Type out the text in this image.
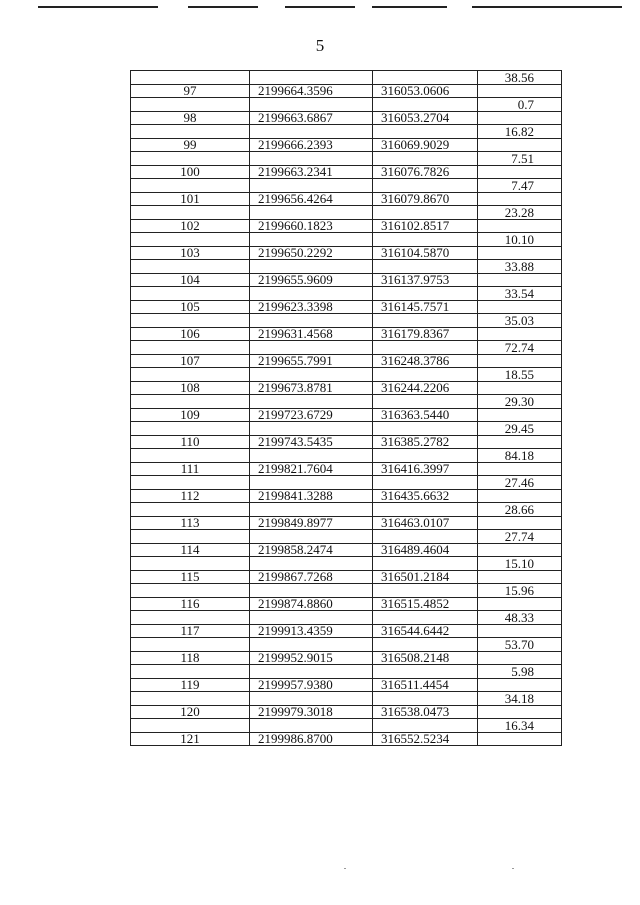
5
			38.56
97	2199664.3596	316053.0606	
			0.7
98	2199663.6867	316053.2704	
			16.82
99	2199666.2393	316069.9029	
			7.51
100	2199663.2341	316076.7826	
			7.47
101	2199656.4264	316079.8670	
			23.28
102	2199660.1823	316102.8517	
			10.10
103	2199650.2292	316104.5870	
			33.88
104	2199655.9609	316137.9753	
			33.54
105	2199623.3398	316145.7571	
			35.03
106	2199631.4568	316179.8367	
			72.74
107	2199655.7991	316248.3786	
			18.55
108	2199673.8781	316244.2206	
			29.30
109	2199723.6729	316363.5440	
			29.45
110	2199743.5435	316385.2782	
			84.18
111	2199821.7604	316416.3997	
			27.46
112	2199841.3288	316435.6632	
			28.66
113	2199849.8977	316463.0107	
			27.74
114	2199858.2474	316489.4604	
			15.10
115	2199867.7268	316501.2184	
			15.96
116	2199874.8860	316515.4852	
			48.33
117	2199913.4359	316544.6442	
			53.70
118	2199952.9015	316508.2148	
			5.98
119	2199957.9380	316511.4454	
			34.18
120	2199979.3018	316538.0473	
			16.34
121	2199986.8700	316552.5234	
